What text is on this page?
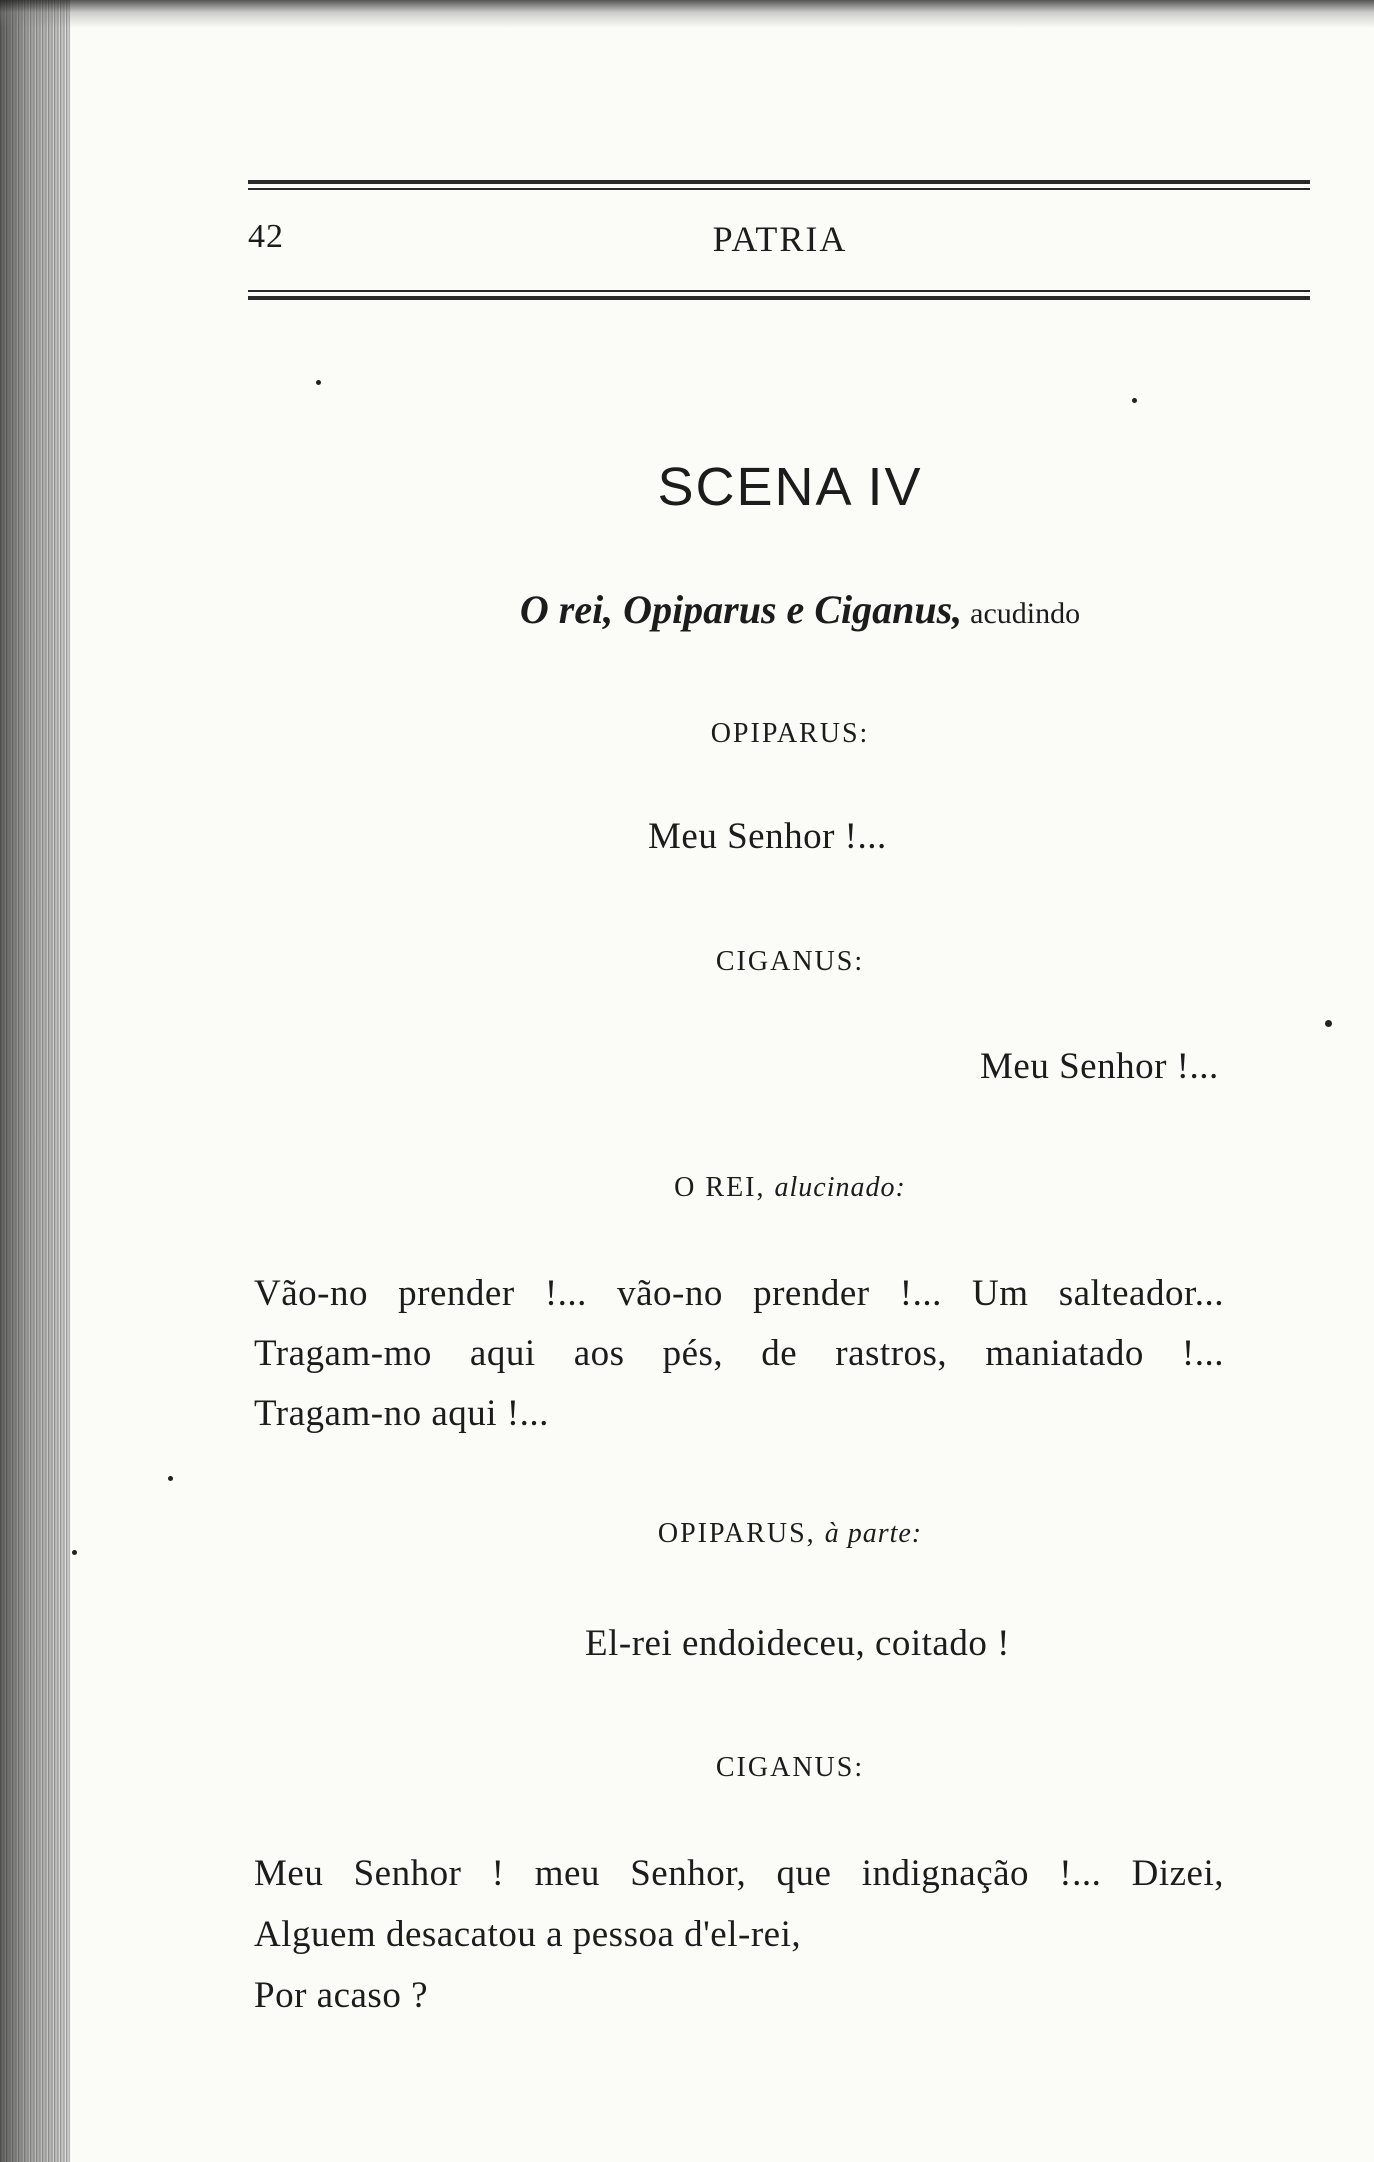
42	PATRIA
SCENA IV
O rei, Opiparus e Ciganus, acudindo
OPIPARUS:
Meu Senhor !...
CIGANUS:
Meu Senhor !...
O REI, alucinado:
Vão-no prender !... vão-no prender !... Um salteador...
Tragam-mo aqui aos pés, de rastros, maniatado !...
Tragam-no aqui !...
OPIPARUS, à parte:
El-rei endoideceu, coitado !
CIGANUS:
Meu Senhor ! meu Senhor, que indignação !... Dizei,
Alguem desacatou a pessoa d'el-rei,
Por acaso ?
